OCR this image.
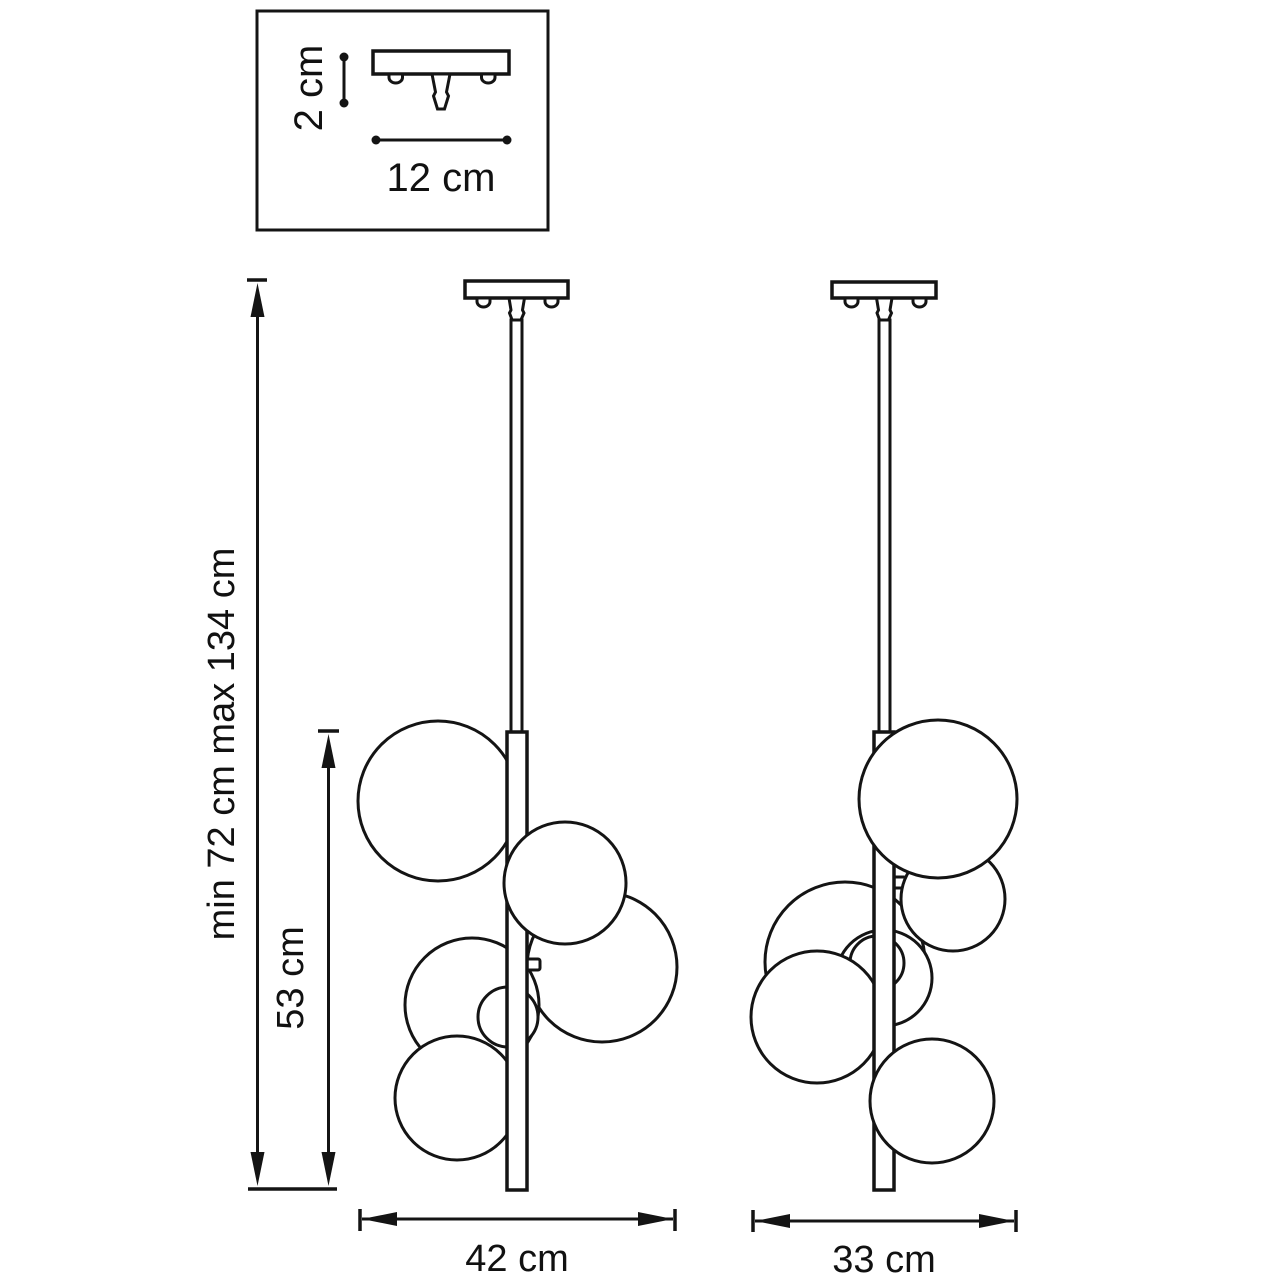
2 cm
12 cm
min 72 cm max 134 cm
53 cm
42 cm	33 cm
